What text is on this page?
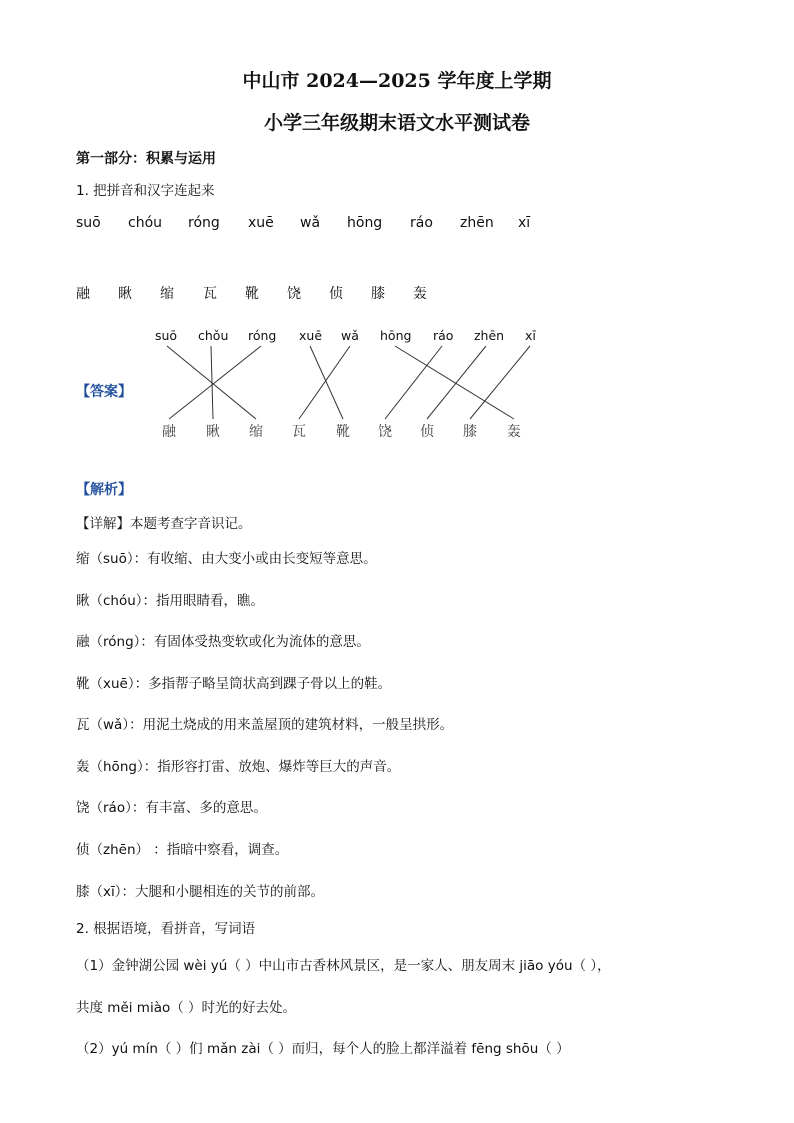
中山市 2024—2025 学年度上学期
小学三年级期末语文水平测试卷
第一部分：积累与运用
1. 把拼音和汉字连起来
suō chóu róng xuē wǎ hōng ráo zhēn xī
融 瞅 缩 瓦 靴 饶 侦 膝 轰
【答案】
suō chǒu róng xuē wǎ hōng ráo zhēn xī
融 瞅 缩 瓦 靴 饶 侦 膝 轰
【解析】
【详解】本题考查字音识记。
缩（suō）：有收缩、由大变小或由长变短等意思。
瞅（chóu）：指用眼睛看，瞧。
融（róng）：有固体受热变软或化为流体的意思。
靴（xuē）：多指帮子略呈筒状高到踝子骨以上的鞋。
瓦（wǎ）：用泥土烧成的用来盖屋顶的建筑材料，一般呈拱形。
轰（hōng）：指形容打雷、放炮、爆炸等巨大的声音。
饶（ráo）：有丰富、多的意思。
侦（zhēn） ：指暗中察看，调查。
膝（xī）：大腿和小腿相连的关节的前部。
2. 根据语境，看拼音，写词语
（1）金钟湖公园 wèi yú（ ）中山市古香林风景区，是一家人、朋友周末 jiāo yóu（ ），
共度 měi miào（ ）时光的好去处。
（2）yú mín（ ）们 mǎn zài（ ）而归，每个人的脸上都洋溢着 fēng shōu（ ）
